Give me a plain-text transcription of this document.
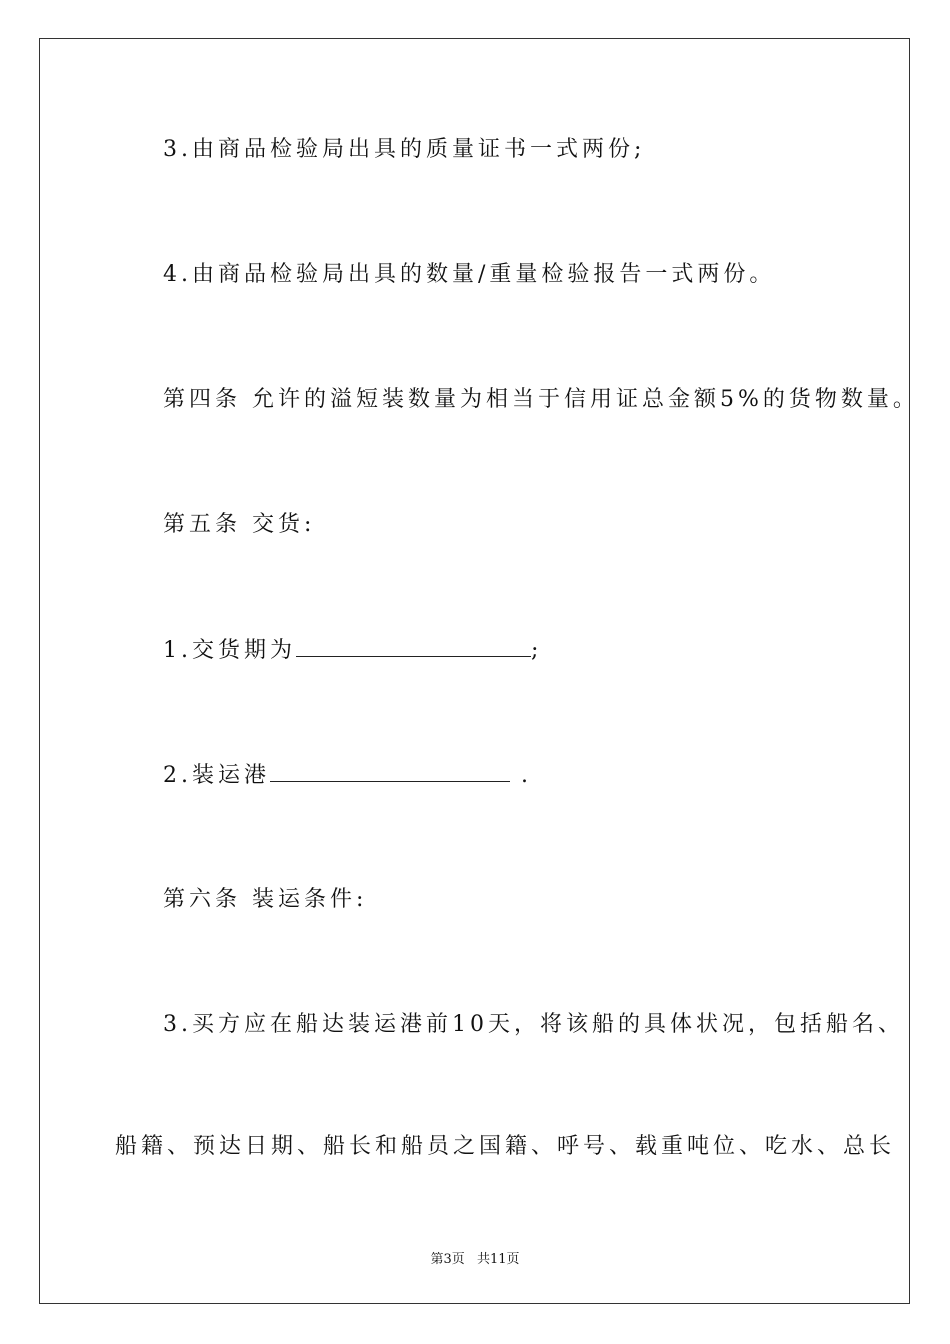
3.由商品检验局出具的质量证书一式两份;
4.由商品检验局出具的数量/重量检验报告一式两份。
第四条 允许的溢短装数量为相当于信用证总金额5%的货物数量。
第五条 交货:
1.交货期为	;
2.装运港	.
第六条 装运条件:
3.买方应在船达装运港前10天，将该船的具体状况，包括船名、
船籍、预达日期、船长和船员之国籍、呼号、载重吨位、吃水、总长
第3页 共11页
